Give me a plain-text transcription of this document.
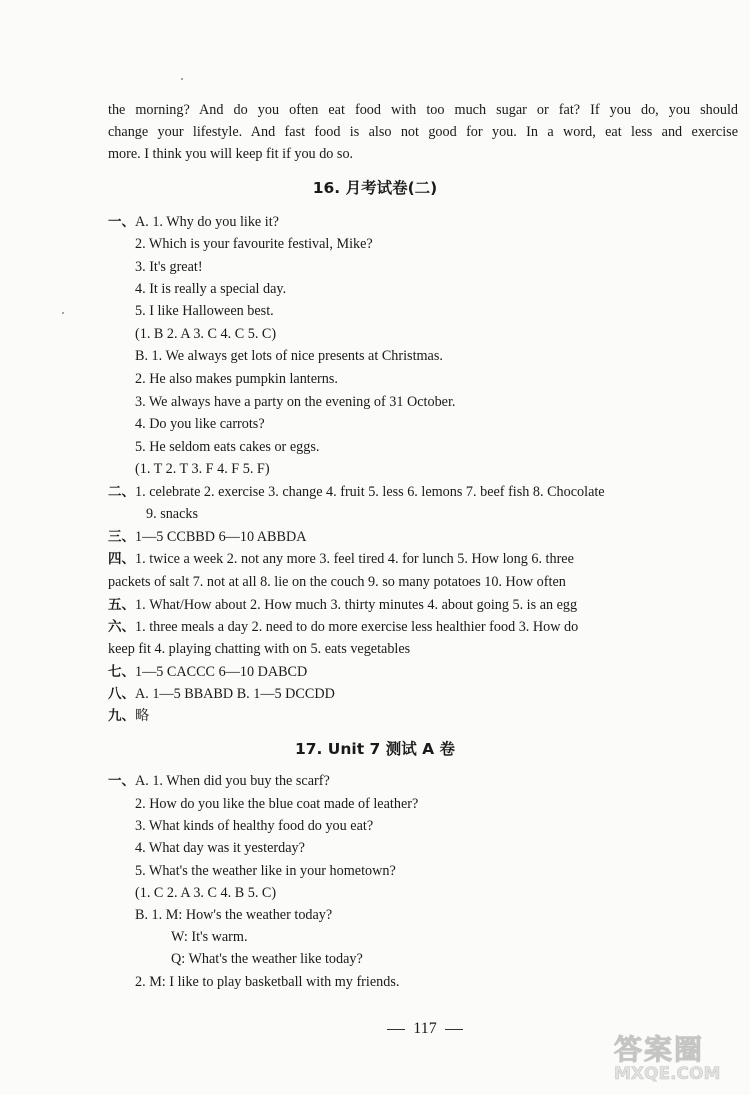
the morning? And do you often eat food with too much sugar or fat? If you do, you should
change your lifestyle. And fast food is also not good for you. In a word, eat less and exercise
more. I think you will keep fit if you do so.
16. 月考试卷(二)
一、A. 1. Why do you like it?
2. Which is your favourite festival, Mike?
3. It's great!
4. It is really a special day.
5. I like Halloween best.
(1. B 2. A 3. C 4. C 5. C)
B. 1. We always get lots of nice presents at Christmas.
2. He also makes pumpkin lanterns.
3. We always have a party on the evening of 31 October.
4. Do you like carrots?
5. He seldom eats cakes or eggs.
(1. T 2. T 3. F 4. F 5. F)
二、1. celebrate 2. exercise 3. change 4. fruit 5. less 6. lemons 7. beef fish 8. Chocolate
9. snacks
三、1—5 CCBBD 6—10 ABBDA
四、1. twice a week 2. not any more 3. feel tired 4. for lunch 5. How long 6. three
packets of salt 7. not at all 8. lie on the couch 9. so many potatoes 10. How often
五、1. What/How about 2. How much 3. thirty minutes 4. about going 5. is an egg
六、1. three meals a day 2. need to do more exercise less healthier food 3. How do
keep fit 4. playing chatting with on 5. eats vegetables
七、1—5 CACCC 6—10 DABCD
八、A. 1—5 BBABD B. 1—5 DCCDD
九、略
17. Unit 7 测试 A 卷
一、A. 1. When did you buy the scarf?
2. How do you like the blue coat made of leather?
3. What kinds of healthy food do you eat?
4. What day was it yesterday?
5. What's the weather like in your hometown?
(1. C 2. A 3. C 4. B 5. C)
B. 1. M: How's the weather today?
W: It's warm.
Q: What's the weather like today?
2. M: I like to play basketball with my friends.
117
答案圈
MXQE.COM
